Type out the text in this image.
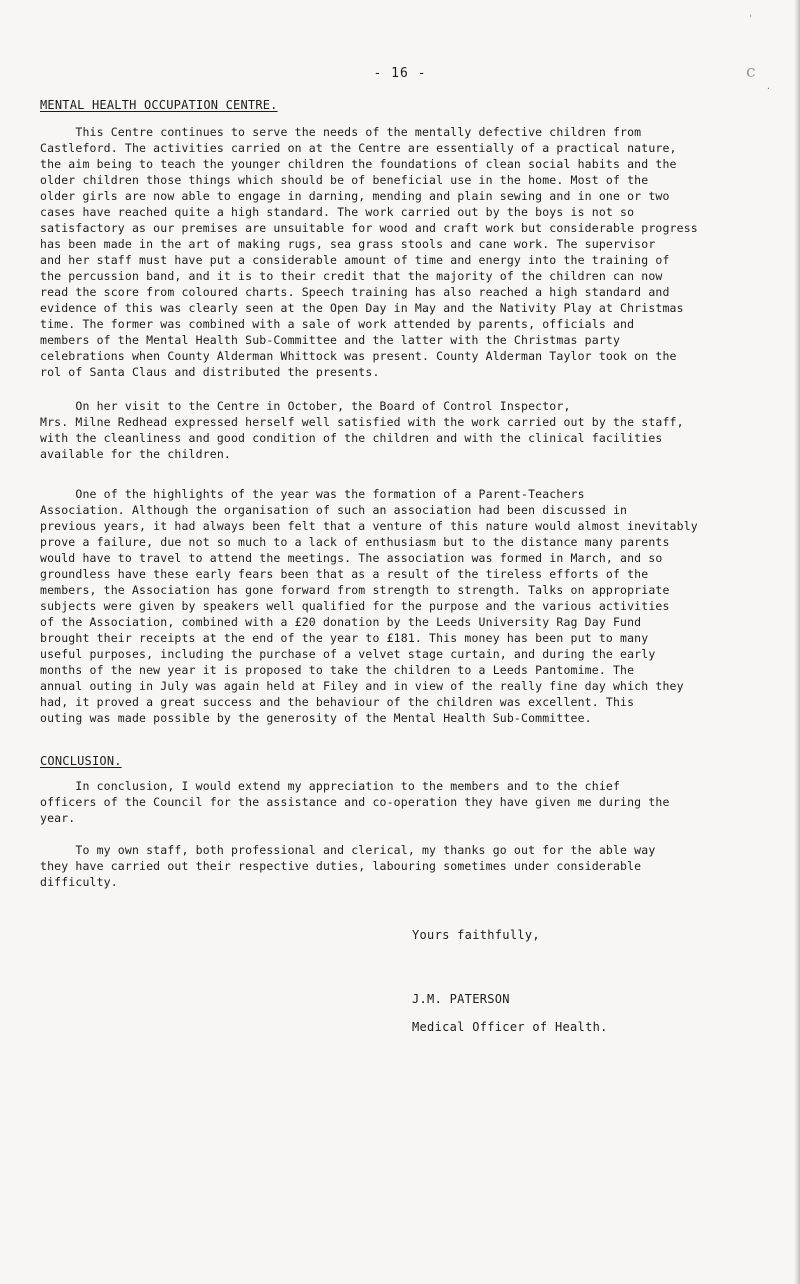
'
c
·
- 16 -
MENTAL HEALTH OCCUPATION CENTRE.
This Centre continues to serve the needs of the mentally defective children from
Castleford. The activities carried on at the Centre are essentially of a practical nature,
the aim being to teach the younger children the foundations of clean social habits and the
older children those things which should be of beneficial use in the home. Most of the
older girls are now able to engage in darning, mending and plain sewing and in one or two
cases have reached quite a high standard. The work carried out by the boys is not so
satisfactory as our premises are unsuitable for wood and craft work but considerable progress
has been made in the art of making rugs, sea grass stools and cane work. The supervisor
and her staff must have put a considerable amount of time and energy into the training of
the percussion band, and it is to their credit that the majority of the children can now
read the score from coloured charts. Speech training has also reached a high standard and
evidence of this was clearly seen at the Open Day in May and the Nativity Play at Christmas
time. The former was combined with a sale of work attended by parents, officials and
members of the Mental Health Sub-Committee and the latter with the Christmas party
celebrations when County Alderman Whittock was present. County Alderman Taylor took on the
rol of Santa Claus and distributed the presents.
On her visit to the Centre in October, the Board of Control Inspector,
Mrs. Milne Redhead expressed herself well satisfied with the work carried out by the staff,
with the cleanliness and good condition of the children and with the clinical facilities
available for the children.
One of the highlights of the year was the formation of a Parent-Teachers
Association. Although the organisation of such an association had been discussed in
previous years, it had always been felt that a venture of this nature would almost inevitably
prove a failure, due not so much to a lack of enthusiasm but to the distance many parents
would have to travel to attend the meetings. The association was formed in March, and so
groundless have these early fears been that as a result of the tireless efforts of the
members, the Association has gone forward from strength to strength. Talks on appropriate
subjects were given by speakers well qualified for the purpose and the various activities
of the Association, combined with a £20 donation by the Leeds University Rag Day Fund
brought their receipts at the end of the year to £181. This money has been put to many
useful purposes, including the purchase of a velvet stage curtain, and during the early
months of the new year it is proposed to take the children to a Leeds Pantomime. The
annual outing in July was again held at Filey and in view of the really fine day which they
had, it proved a great success and the behaviour of the children was excellent. This
outing was made possible by the generosity of the Mental Health Sub-Committee.
CONCLUSION.
In conclusion, I would extend my appreciation to the members and to the chief
officers of the Council for the assistance and co-operation they have given me during the
year.
To my own staff, both professional and clerical, my thanks go out for the able way
they have carried out their respective duties, labouring sometimes under considerable
difficulty.
Yours faithfully,
J.M. PATERSON
Medical Officer of Health.
